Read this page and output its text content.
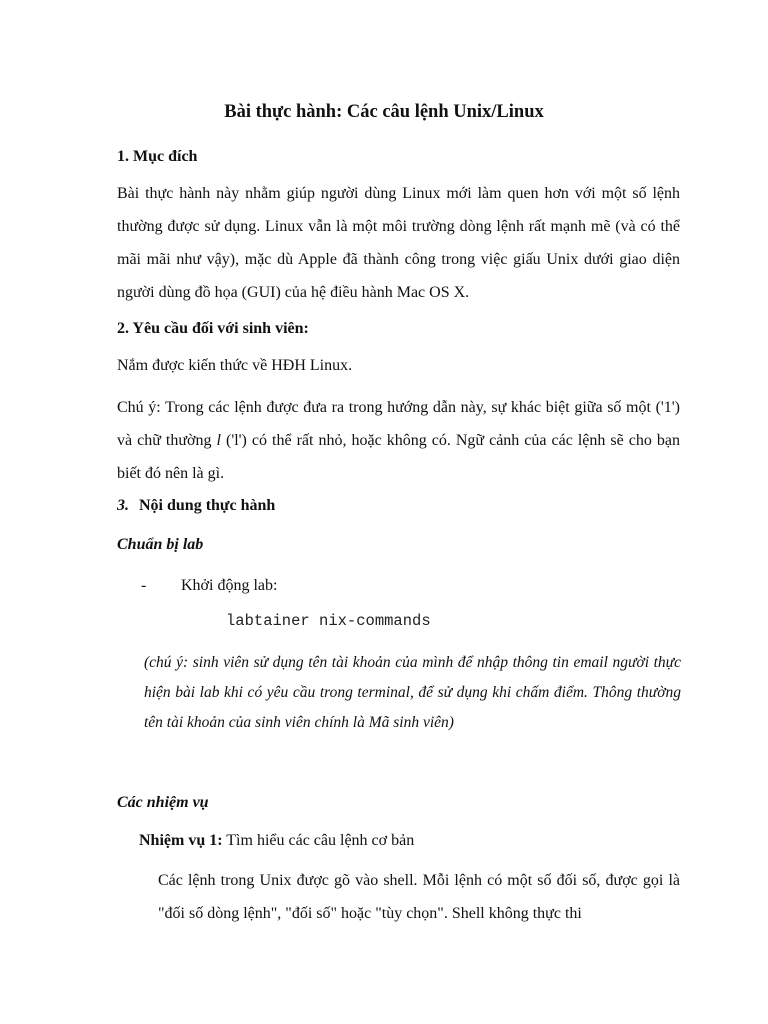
Bài thực hành: Các câu lệnh Unix/Linux
1. Mục đích

Bài thực hành này nhằm giúp người dùng Linux mới làm quen hơn với một số lệnh thường được sử dụng. Linux vẫn là một môi trường dòng lệnh rất mạnh mẽ (và có thể mãi mãi như vậy), mặc dù Apple đã thành công trong việc giấu Unix dưới giao diện người dùng đồ họa (GUI) của hệ điều hành Mac OS X.

2. Yêu cầu đối với sinh viên:

Nắm được kiến thức về HĐH Linux.

Chú ý: Trong các lệnh được đưa ra trong hướng dẫn này, sự khác biệt giữa số một ('1') và chữ thường l ('l') có thể rất nhỏ, hoặc không có. Ngữ cảnh của các lệnh sẽ cho bạn biết đó nên là gì.

3. Nội dung thực hành
Chuẩn bị lab
- Khởi động lab:

labtainer nix-commands

(chú ý: sinh viên sử dụng tên tài khoản của mình để nhập thông tin email người thực hiện bài lab khi có yêu cầu trong terminal, để sử dụng khi chấm điểm. Thông thường tên tài khoản của sinh viên chính là Mã sinh viên)

Các nhiệm vụ

Nhiệm vụ 1: Tìm hiểu các câu lệnh cơ bản

Các lệnh trong Unix được gõ vào shell. Mỗi lệnh có một số đối số, được gọi là "đối số dòng lệnh", "đối số" hoặc "tùy chọn". Shell không thực thi
